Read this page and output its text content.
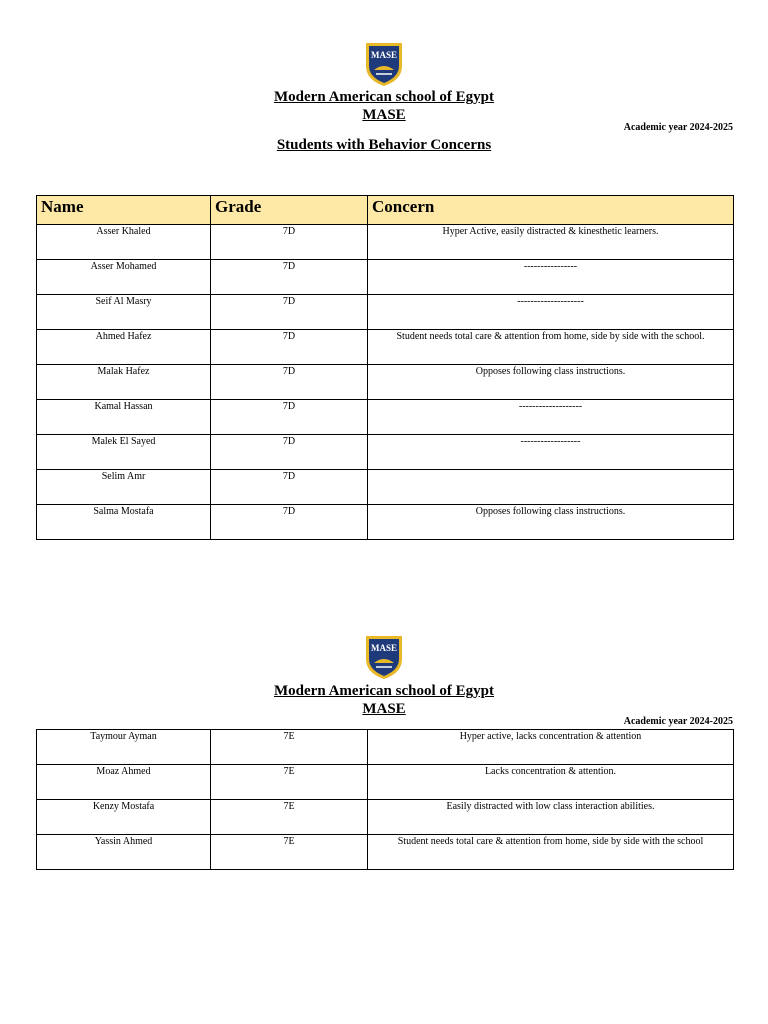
MASE
Modern American school of Egypt
MASE
Academic year 2024-2025
Students with Behavior Concerns
Name	Grade	Concern
Asser Khaled	7D	Hyper Active, easily distracted & kinesthetic learners.
Asser Mohamed	7D	----------------
Seif Al Masry	7D	--------------------
Ahmed Hafez	7D	Student needs total care & attention from home, side by side with the school.
Malak Hafez	7D	Opposes following class instructions.
Kamal Hassan	7D	-------------------
Malek El Sayed	7D	------------------
Selim Amr	7D	
Salma Mostafa	7D	Opposes following class instructions.
MASE
Modern American school of Egypt
MASE
Academic year 2024-2025
Taymour Ayman	7E	Hyper active, lacks concentration & attention
Moaz Ahmed	7E	Lacks concentration & attention.
Kenzy Mostafa	7E	Easily distracted with low class interaction abilities.
Yassin Ahmed	7E	Student needs total care & attention from home, side by side with the school
